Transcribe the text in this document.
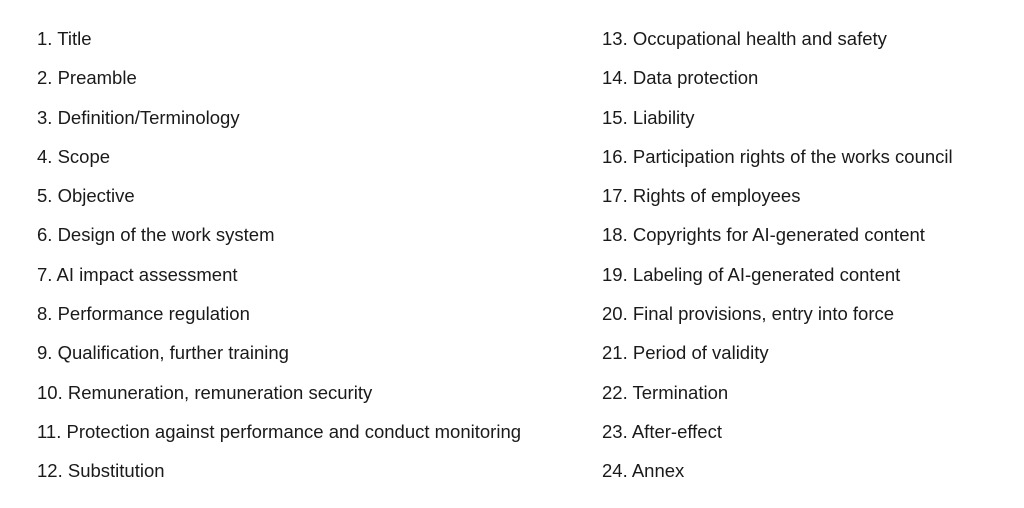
1. Title
2. Preamble
3. Definition/Terminology
4. Scope
5. Objective
6. Design of the work system
7. AI impact assessment
8. Performance regulation
9. Qualification, further training
10. Remuneration, remuneration security
11. Protection against performance and conduct monitoring
12. Substitution
13. Occupational health and safety
14. Data protection
15. Liability
16. Participation rights of the works council
17. Rights of employees
18. Copyrights for AI-generated content
19. Labeling of AI-generated content
20. Final provisions, entry into force
21. Period of validity
22. Termination
23. After-effect
24. Annex
